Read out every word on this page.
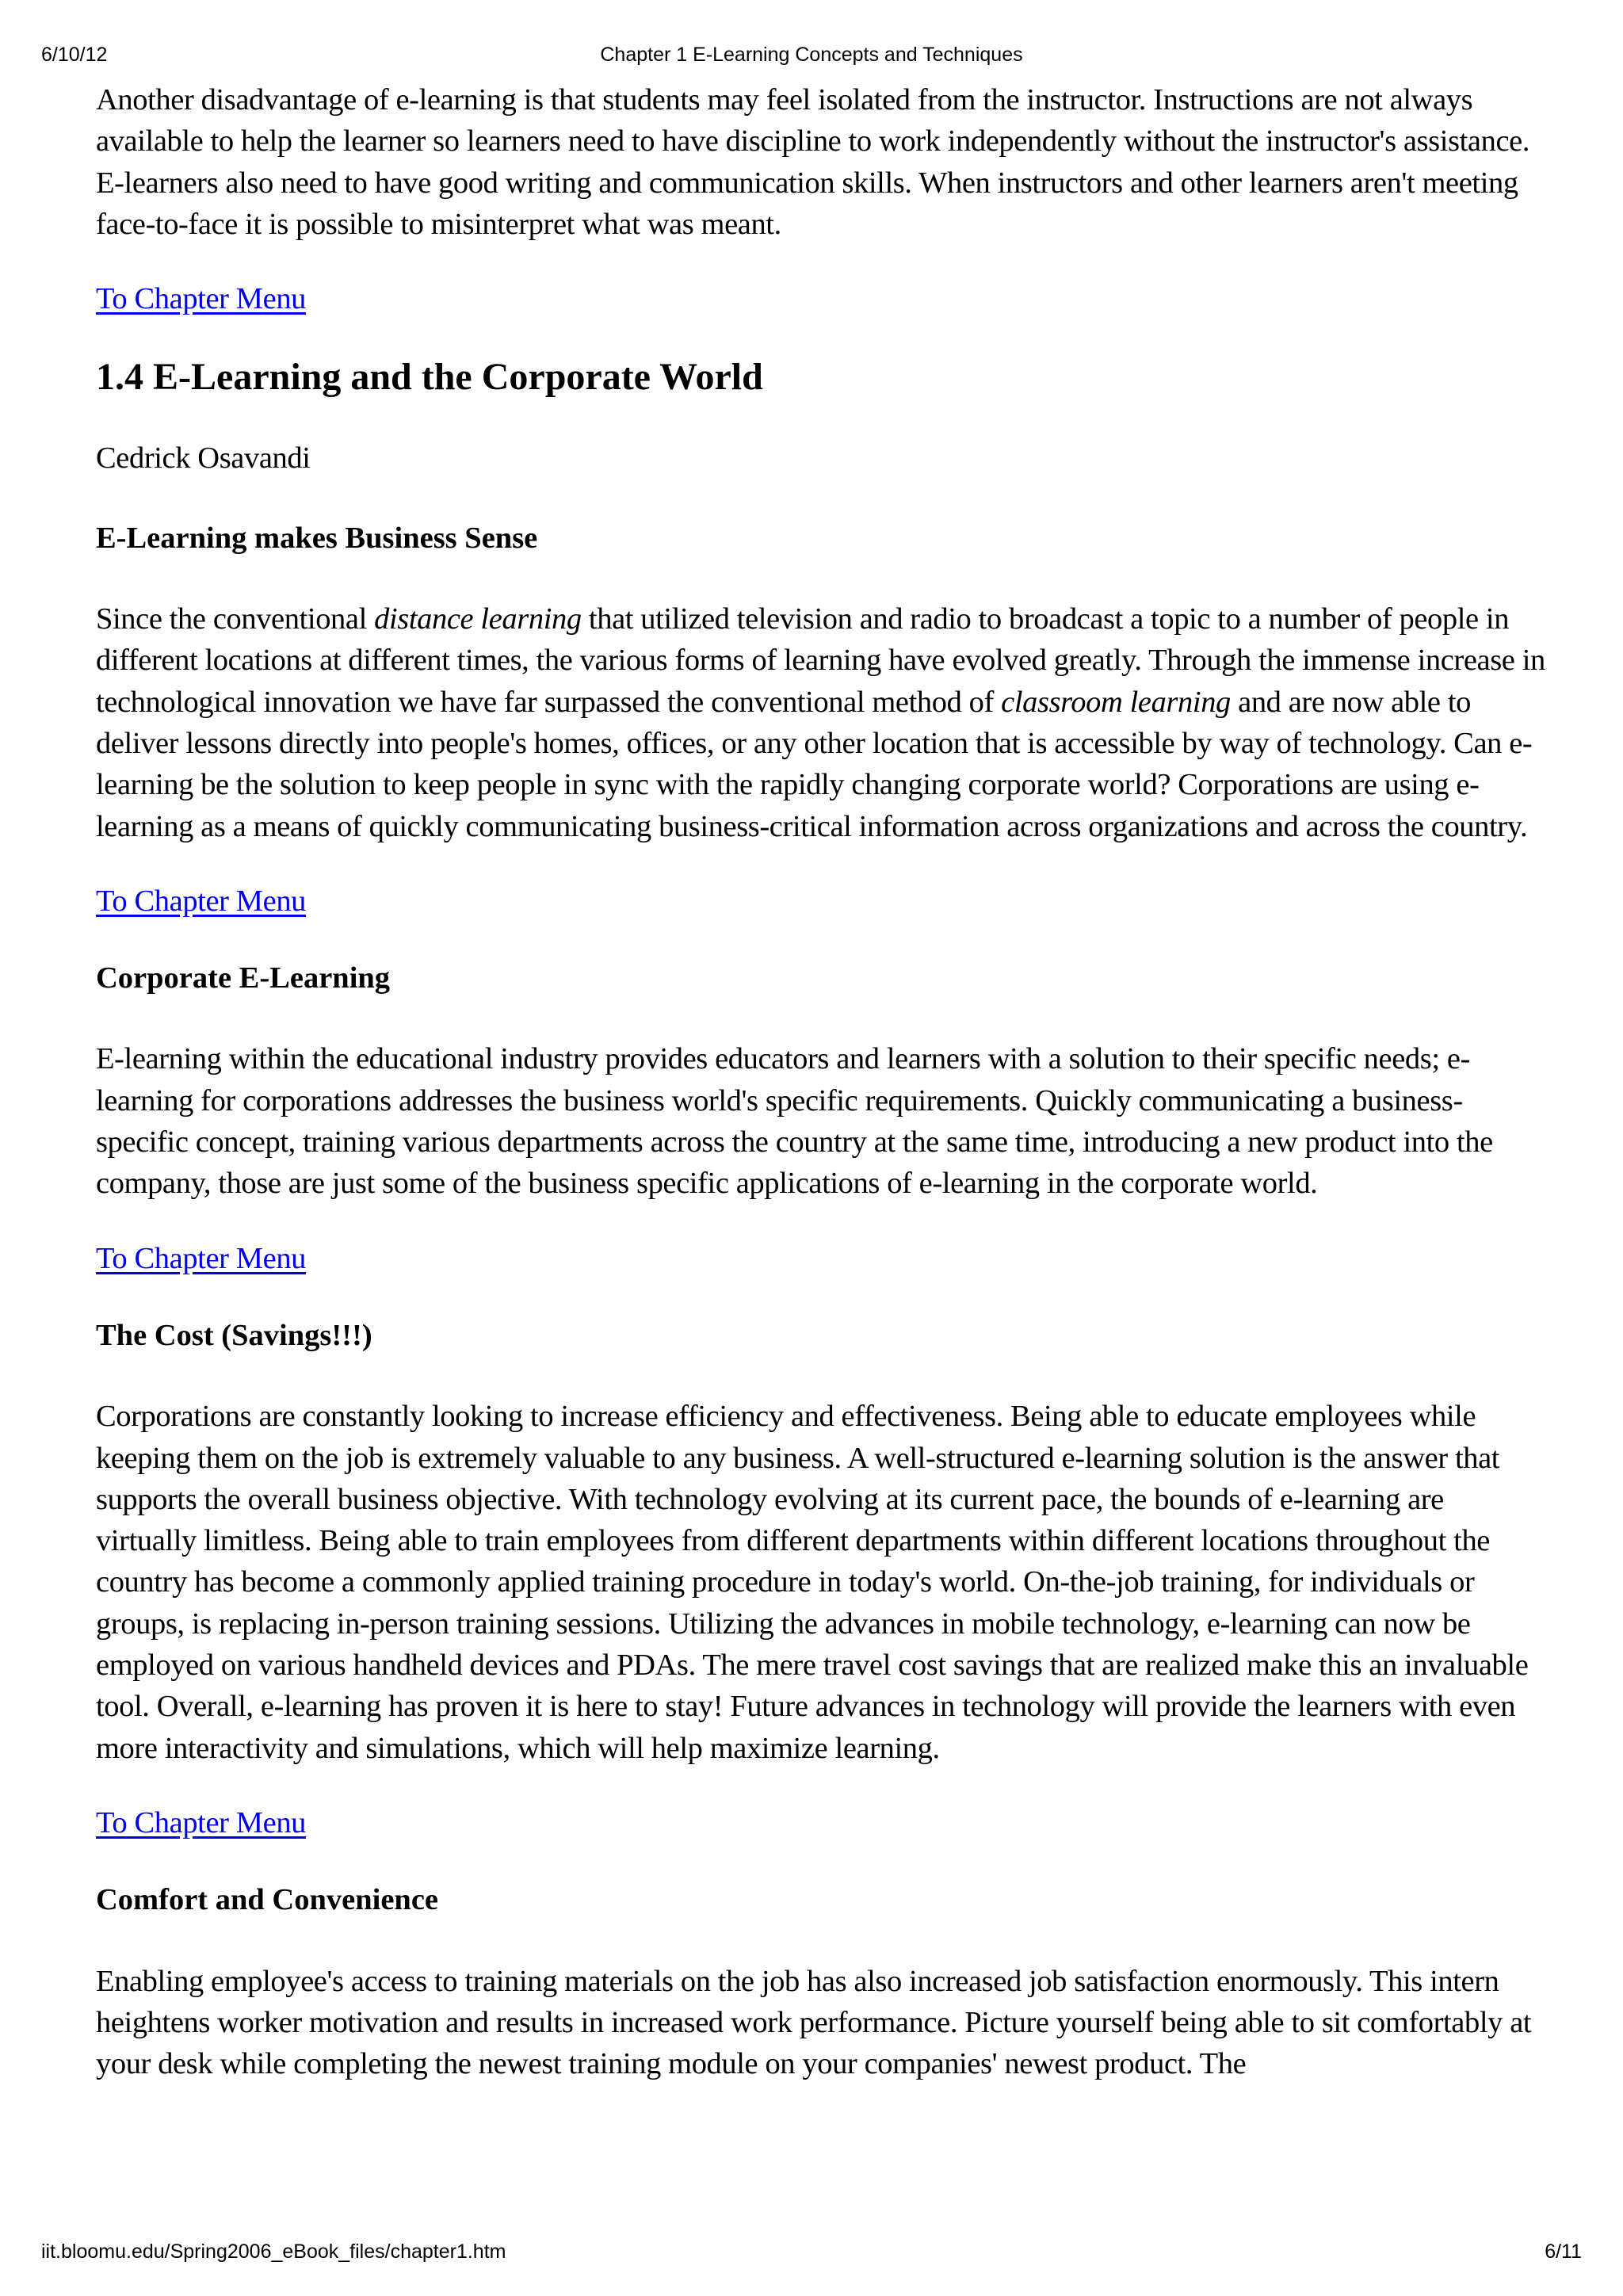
6/10/12	Chapter 1 E-Learning Concepts and Techniques

Another disadvantage of e-learning is that students may feel isolated from the instructor. Instructions are not always available to help the learner so learners need to have discipline to work independently without the instructor's assistance. E-learners also need to have good writing and communication skills. When instructors and other learners aren't meeting face-to-face it is possible to misinterpret what was meant.

To Chapter Menu

1.4 E-Learning and the Corporate World

Cedrick Osavandi

E-Learning makes Business Sense

Since the conventional distance learning that utilized television and radio to broadcast a topic to a number of people in different locations at different times, the various forms of learning have evolved greatly. Through the immense increase in technological innovation we have far surpassed the conventional method of classroom learning and are now able to deliver lessons directly into people's homes, offices, or any other location that is accessible by way of technology. Can e-learning be the solution to keep people in sync with the rapidly changing corporate world? Corporations are using e-learning as a means of quickly communicating business-critical information across organizations and across the country.

To Chapter Menu

Corporate E-Learning

E-learning within the educational industry provides educators and learners with a solution to their specific needs; e-learning for corporations addresses the business world's specific requirements. Quickly communicating a business-specific concept, training various departments across the country at the same time, introducing a new product into the company, those are just some of the business specific applications of e-learning in the corporate world.

To Chapter Menu

The Cost (Savings!!!)

Corporations are constantly looking to increase efficiency and effectiveness. Being able to educate employees while keeping them on the job is extremely valuable to any business. A well-structured e-learning solution is the answer that supports the overall business objective. With technology evolving at its current pace, the bounds of e-learning are virtually limitless. Being able to train employees from different departments within different locations throughout the country has become a commonly applied training procedure in today's world. On-the-job training, for individuals or groups, is replacing in-person training sessions. Utilizing the advances in mobile technology, e-learning can now be employed on various handheld devices and PDAs. The mere travel cost savings that are realized make this an invaluable tool. Overall, e-learning has proven it is here to stay! Future advances in technology will provide the learners with even more interactivity and simulations, which will help maximize learning.

To Chapter Menu

Comfort and Convenience

Enabling employee's access to training materials on the job has also increased job satisfaction enormously. This intern heightens worker motivation and results in increased work performance. Picture yourself being able to sit comfortably at your desk while completing the newest training module on your companies' newest product. The

iit.bloomu.edu/Spring2006_eBook_files/chapter1.htm	6/11
